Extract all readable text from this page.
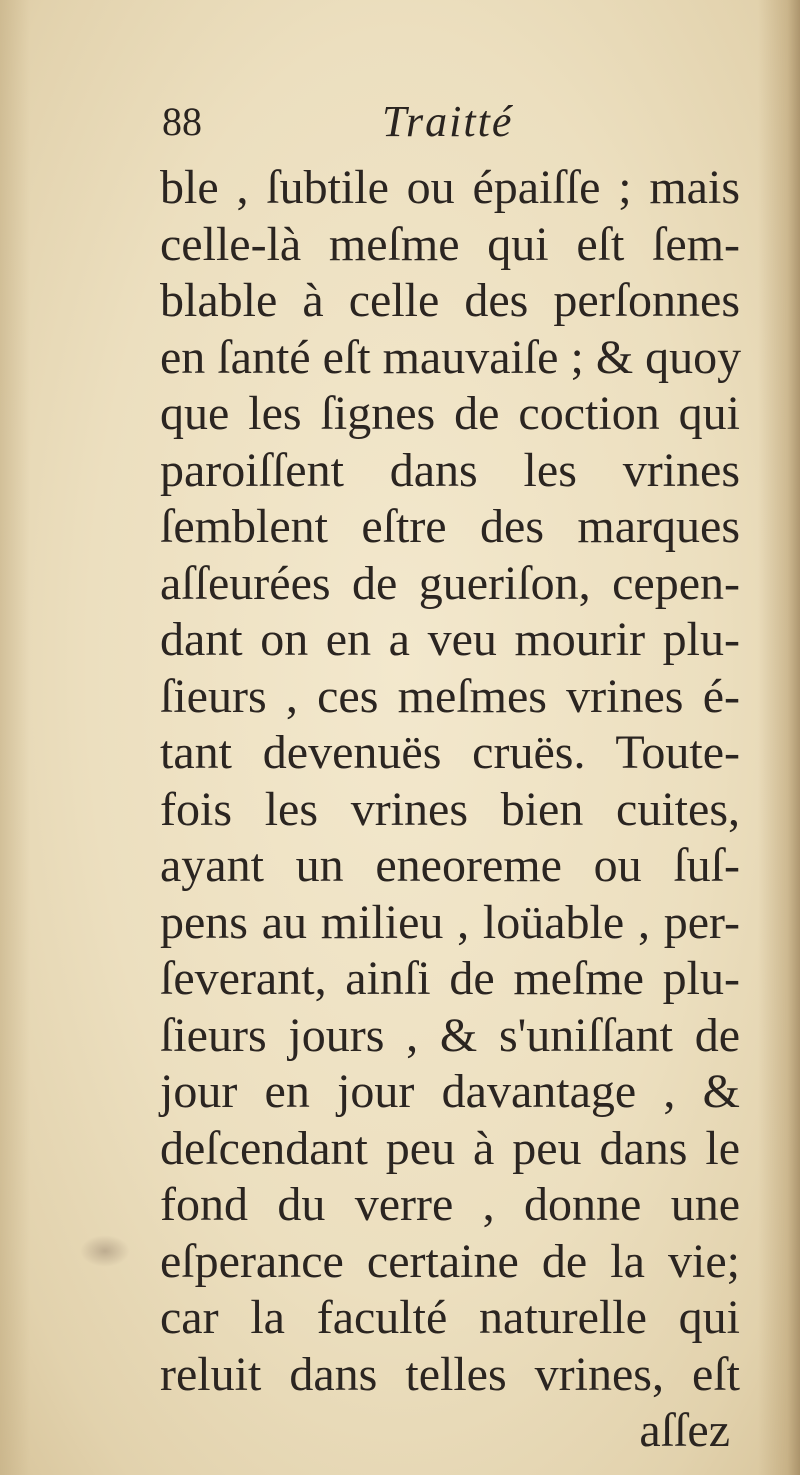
88	Traitté
ble , ſubtile ou épaiſſe ; mais
celle-là meſme qui eſt ſem-
blable à celle des perſonnes
en ſanté eſt mauvaiſe ; & quoy
que les ſignes de coction qui
paroiſſent dans les vrines
ſemblent eſtre des marques
aſſeurées de gueriſon, cepen-
dant on en a veu mourir plu-
ſieurs , ces meſmes vrines é-
tant devenuës cruës. Toute-
fois les vrines bien cuites,
ayant un eneoreme ou ſuſ-
pens au milieu , loüable , per-
ſeverant, ainſi de meſme plu-
ſieurs jours , & s'uniſſant de
jour en jour davantage , &
deſcendant peu à peu dans le
fond du verre , donne une
eſperance certaine de la vie;
car la faculté naturelle qui
reluit dans telles vrines, eſt
aſſez
